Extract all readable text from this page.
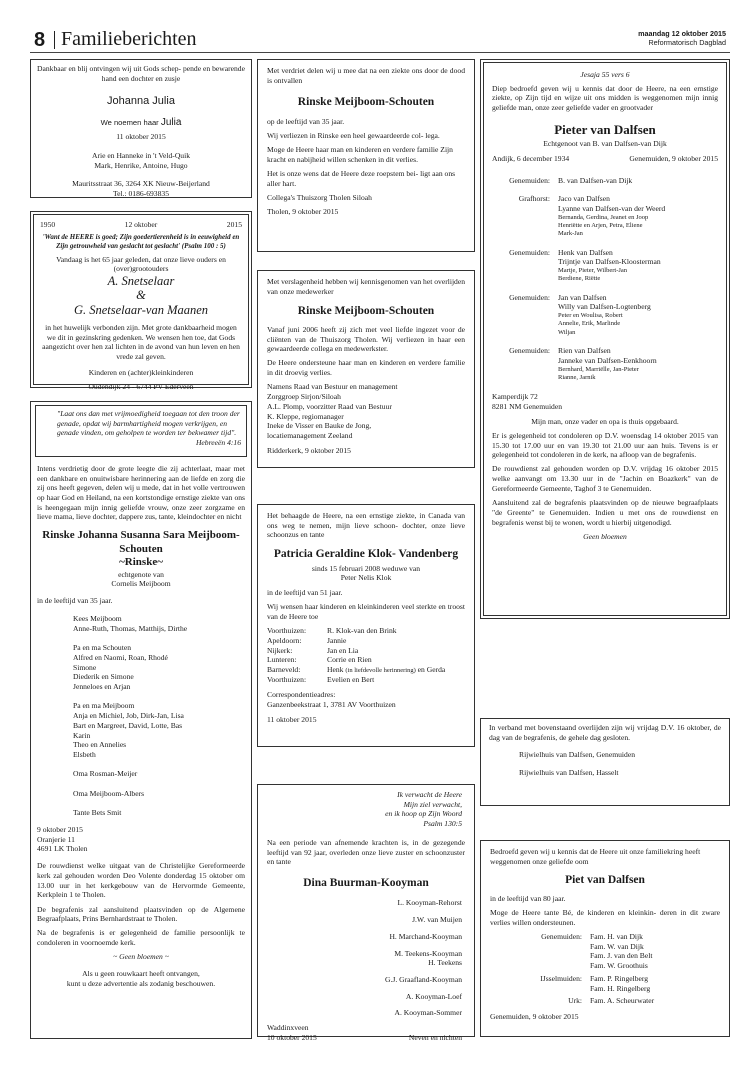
8 Familieberichten	maandag 12 oktober 2015
Reformatorisch Dagblad
Dankbaar en blij ontvingen wij uit Gods schep- pende en bewarende hand een dochter en zusje
Johanna Julia
We noemen haar Julia
11 oktober 2015
Arie en Hanneke in 't Veld-Quik
Mark, Henrike, Antoine, Hugo
Mauritsstraat 36, 3264 XK Nieuw-Beijerland
Tel.: 0186-693835
1950	12 oktober	2015
'Want de HEERE is goed; Zijn goedertierenheid is in eeuwigheid en Zijn getrouwheid van geslacht tot geslacht' (Psalm 100 : 5)
Vandaag is het 65 jaar geleden, dat onze lieve ouders en (over)grootouders
A. Snetselaar
&
G. Snetselaar-van Maanen
in het huwelijk verbonden zijn. Met grote dankbaarheid mogen we dit in gezinskring gedenken. We wensen hen toe, dat Gods aangezicht over hen zal lichten in de avond van hun leven en hen vrede zal geven.
Kinderen en (achter)kleinkinderen
Oudendijk 24 - 6744 PV Ederveen
"Laat ons dan met vrijmoedigheid toegaan tot den troon der genade, opdat wij barmhartigheid mogen verkrijgen, en genade vinden, om geholpen te worden ter bekwamer tijd".
Hebreeën 4:16
Intens verdrietig door de grote leegte die zij achterlaat, maar met een dankbare en onuitwisbare herinnering aan de liefde en zorg die zij ons heeft gegeven, delen wij u mede, dat in het volle vertrouwen op haar God en Heiland, na een kortstondige ernstige ziekte van ons is heengegaan mijn innig geliefde vrouw, onze zeer zorgzame en lieve mama, lieve dochter, dappere zus, tante, kleindochter en nicht
Rinske Johanna Susanna Sara Meijboom-Schouten
~Rinske~
echtgenote van
Cornelis Meijboom
in de leeftijd van 35 jaar.
Kees Meijboom
Anne-Ruth, Thomas, Matthijs, Dirthe

Pa en ma Schouten
Alfred en Naomi, Roan, Rhodé
Simone
Diederik en Simone
Jenneloes en Arjan

Pa en ma Meijboom
Anja en Michiel, Job, Dirk-Jan, Lisa
Bart en Margreet, David, Lotte, Bas
Karin
Theo en Annelies
Elsbeth

Oma Rosman-Meijer

Oma Meijboom-Albers

Tante Bets Smit
9 oktober 2015
Oranjerie 11
4691 LK Tholen

De rouwdienst welke uitgaat van de Christelijke Gereformeerde kerk zal gehouden worden Deo Volente donderdag 15 oktober om 13.00 uur in het kerkgebouw van de Hervormde Gemeente, Kerkplein 1 te Tholen.

De begrafenis zal aansluitend plaatsvinden op de Algemene Begraafplaats, Prins Bernhardstraat te Tholen.

Na de begrafenis is er gelegenheid de familie persoonlijk te condoleren in voornoemde kerk.

~ Geen bloemen ~
Als u geen rouwkaart heeft ontvangen,
kunt u deze advertentie als zodanig beschouwen.
Met verdriet delen wij u mee dat na een ziekte ons door de dood is ontvallen
Rinske Meijboom-Schouten

op de leeftijd van 35 jaar.

Wij verliezen in Rinske een heel gewaardeerde col- lega.

Moge de Heere haar man en kinderen en verdere familie Zijn kracht en nabijheid willen schenken in dit verlies.

Het is onze wens dat de Heere deze roepstem bei- ligt aan ons aller hart.

Collega's Thuiszorg Tholen Siloah

Tholen, 9 oktober 2015
Met verslagenheid hebben wij kennisgenomen van het overlijden van onze medewerker
Rinske Meijboom-Schouten

Vanaf juni 2006 heeft zij zich met veel liefde ingezet voor de cliënten van de Thuiszorg Tholen. Wij verliezen in haar een gewaardeerde collega en medewerkster.

De Heere ondersteune haar man en kinderen en verdere familie in dit droevig verlies.

Namens Raad van Bestuur en management
Zorggroep Sirjon/Siloah
A.L. Plomp, voorzitter Raad van Bestuur
K. Kleppe, regiomanager
Ineke de Visser en Bauke de Jong,
locatiemanagement Zeeland
Ridderkerk, 9 oktober 2015
Het behaagde de Heere, na een ernstige ziekte, in Canada van ons weg te nemen, mijn lieve schoon- dochter, onze lieve schoonzus en tante
Patricia Geraldine Klok- Vandenberg
sinds 15 februari 2008 weduwe van
Peter Nelis Klok

in de leeftijd van 51 jaar.

Wij wensen haar kinderen en kleinkinderen veel sterkte en troost van de Heere toe

Voorthuizen:	R. Klok-van den Brink
Apeldoorn:	Jannie
Nijkerk:	Jan en Lia
Lunteren:	Corrie en Rien
Barneveld:	Henk (in liefdevolle herinnering) en Gerda
Voorthuizen:	Evelien en Bert
Correspondentieadres:
Ganzenbeekstraat 1, 3781 AV Voorthuizen
11 oktober 2015
Ik verwacht de Heere
Mijn ziel verwacht,
en ik hoop op Zijn Woord
Psalm 130:5
Na een periode van afnemende krachten is, in de gezegende leeftijd van 92 jaar, overleden onze lieve zuster en schoonzuster en tante
Dina Buurman-Kooyman
L. Kooyman-Rehorst
J.W. van Muijen
H. Marchand-Kooyman
M. Teekens-Kooyman
H. Teekens
G.J. Graafland-Kooyman
A. Kooyman-Loef
A. Kooyman-Sommer
Waddinxveen
10 oktober 2015	Neven en nichten
Jesaja 55 vers 6
Diep bedroefd geven wij u kennis dat door de Heere, na een ernstige ziekte, op Zijn tijd en wijze uit ons midden is weggenomen mijn innig geliefde man, onze zeer geliefde vader en grootvader
Pieter van Dalfsen
Echtgenoot van B. van Dalfsen-van Dijk
Andijk, 6 december 1934	Genemuiden, 9 oktober 2015
Genemuiden:	B. van Dalfsen-van Dijk
Grafhorst:	Jaco van Dalfsen
Lyanne van Dalfsen-van der Weerd
Bernanda, Gerdina, Jeanet en Joop
Henriëtte en Arjen, Petra, Eliene
Mark-Jan
Genemuiden:	Henk van Dalfsen
Trijntje van Dalfsen-Kloosterman
Martje, Pieter, Wilbert-Jan
Berdiene, Riëtte
Genemuiden:	Jan van Dalfsen
Willy van Dalfsen-Logtenberg
Peter en Woulisa, Robert
Annelie, Erik, Marlinde
Wiljan
Genemuiden:	Rien van Dalfsen
Janneke van Dalfsen-Eenkhoorn
Bernhard, Marriëlle, Jan-Pieter
Rianne, Jarnik
Kamperdijk 72
8281 NM Genemuiden

Mijn man, onze vader en opa is thuis opgebaard.

Er is gelegenheid tot condoleren op D.V. woensdag 14 oktober 2015 van 15.30 tot 17.00 uur en van 19.30 tot 21.00 uur aan huis. Tevens is er gelegenheid tot condoleren in de kerk, na afloop van de begrafenis.

De rouwdienst zal gehouden worden op D.V. vrijdag 16 oktober 2015 welke aanvangt om 13.30 uur in de "Jachin en Boazkerk" van de Gereformeerde Gemeente, Taghof 3 te Genemuiden.

Aansluitend zal de begrafenis plaatsvinden op de nieuwe begraafplaats "de Greente" te Genemuiden. Indien u met ons de rouwdienst en begrafenis wenst bij te wonen, wordt u hierbij uitgenodigd.

Geen bloemen
In verband met bovenstaand overlijden zijn wij vrijdag D.V. 16 oktober, de dag van de begrafenis, de gehele dag gesloten.
Rijwielhuis van Dalfsen, Genemuiden
Rijwielhuis van Dalfsen, Hasselt
Bedroefd geven wij u kennis dat de Heere uit onze familiekring heeft weggenomen onze geliefde oom
Piet van Dalfsen

in de leeftijd van 80 jaar.

Moge de Heere tante Bé, de kinderen en kleinkin- deren in dit zware verlies willen ondersteunen.

Genemuiden:	Fam. H. van Dijk
Fam. W. van Dijk
Fam. J. van den Belt
Fam. W. Groothuis
IJsselmuiden:	Fam. P. Ringelberg
Fam. H. Ringelberg
Urk:	Fam. A. Scheurwater
Genemuiden, 9 oktober 2015
